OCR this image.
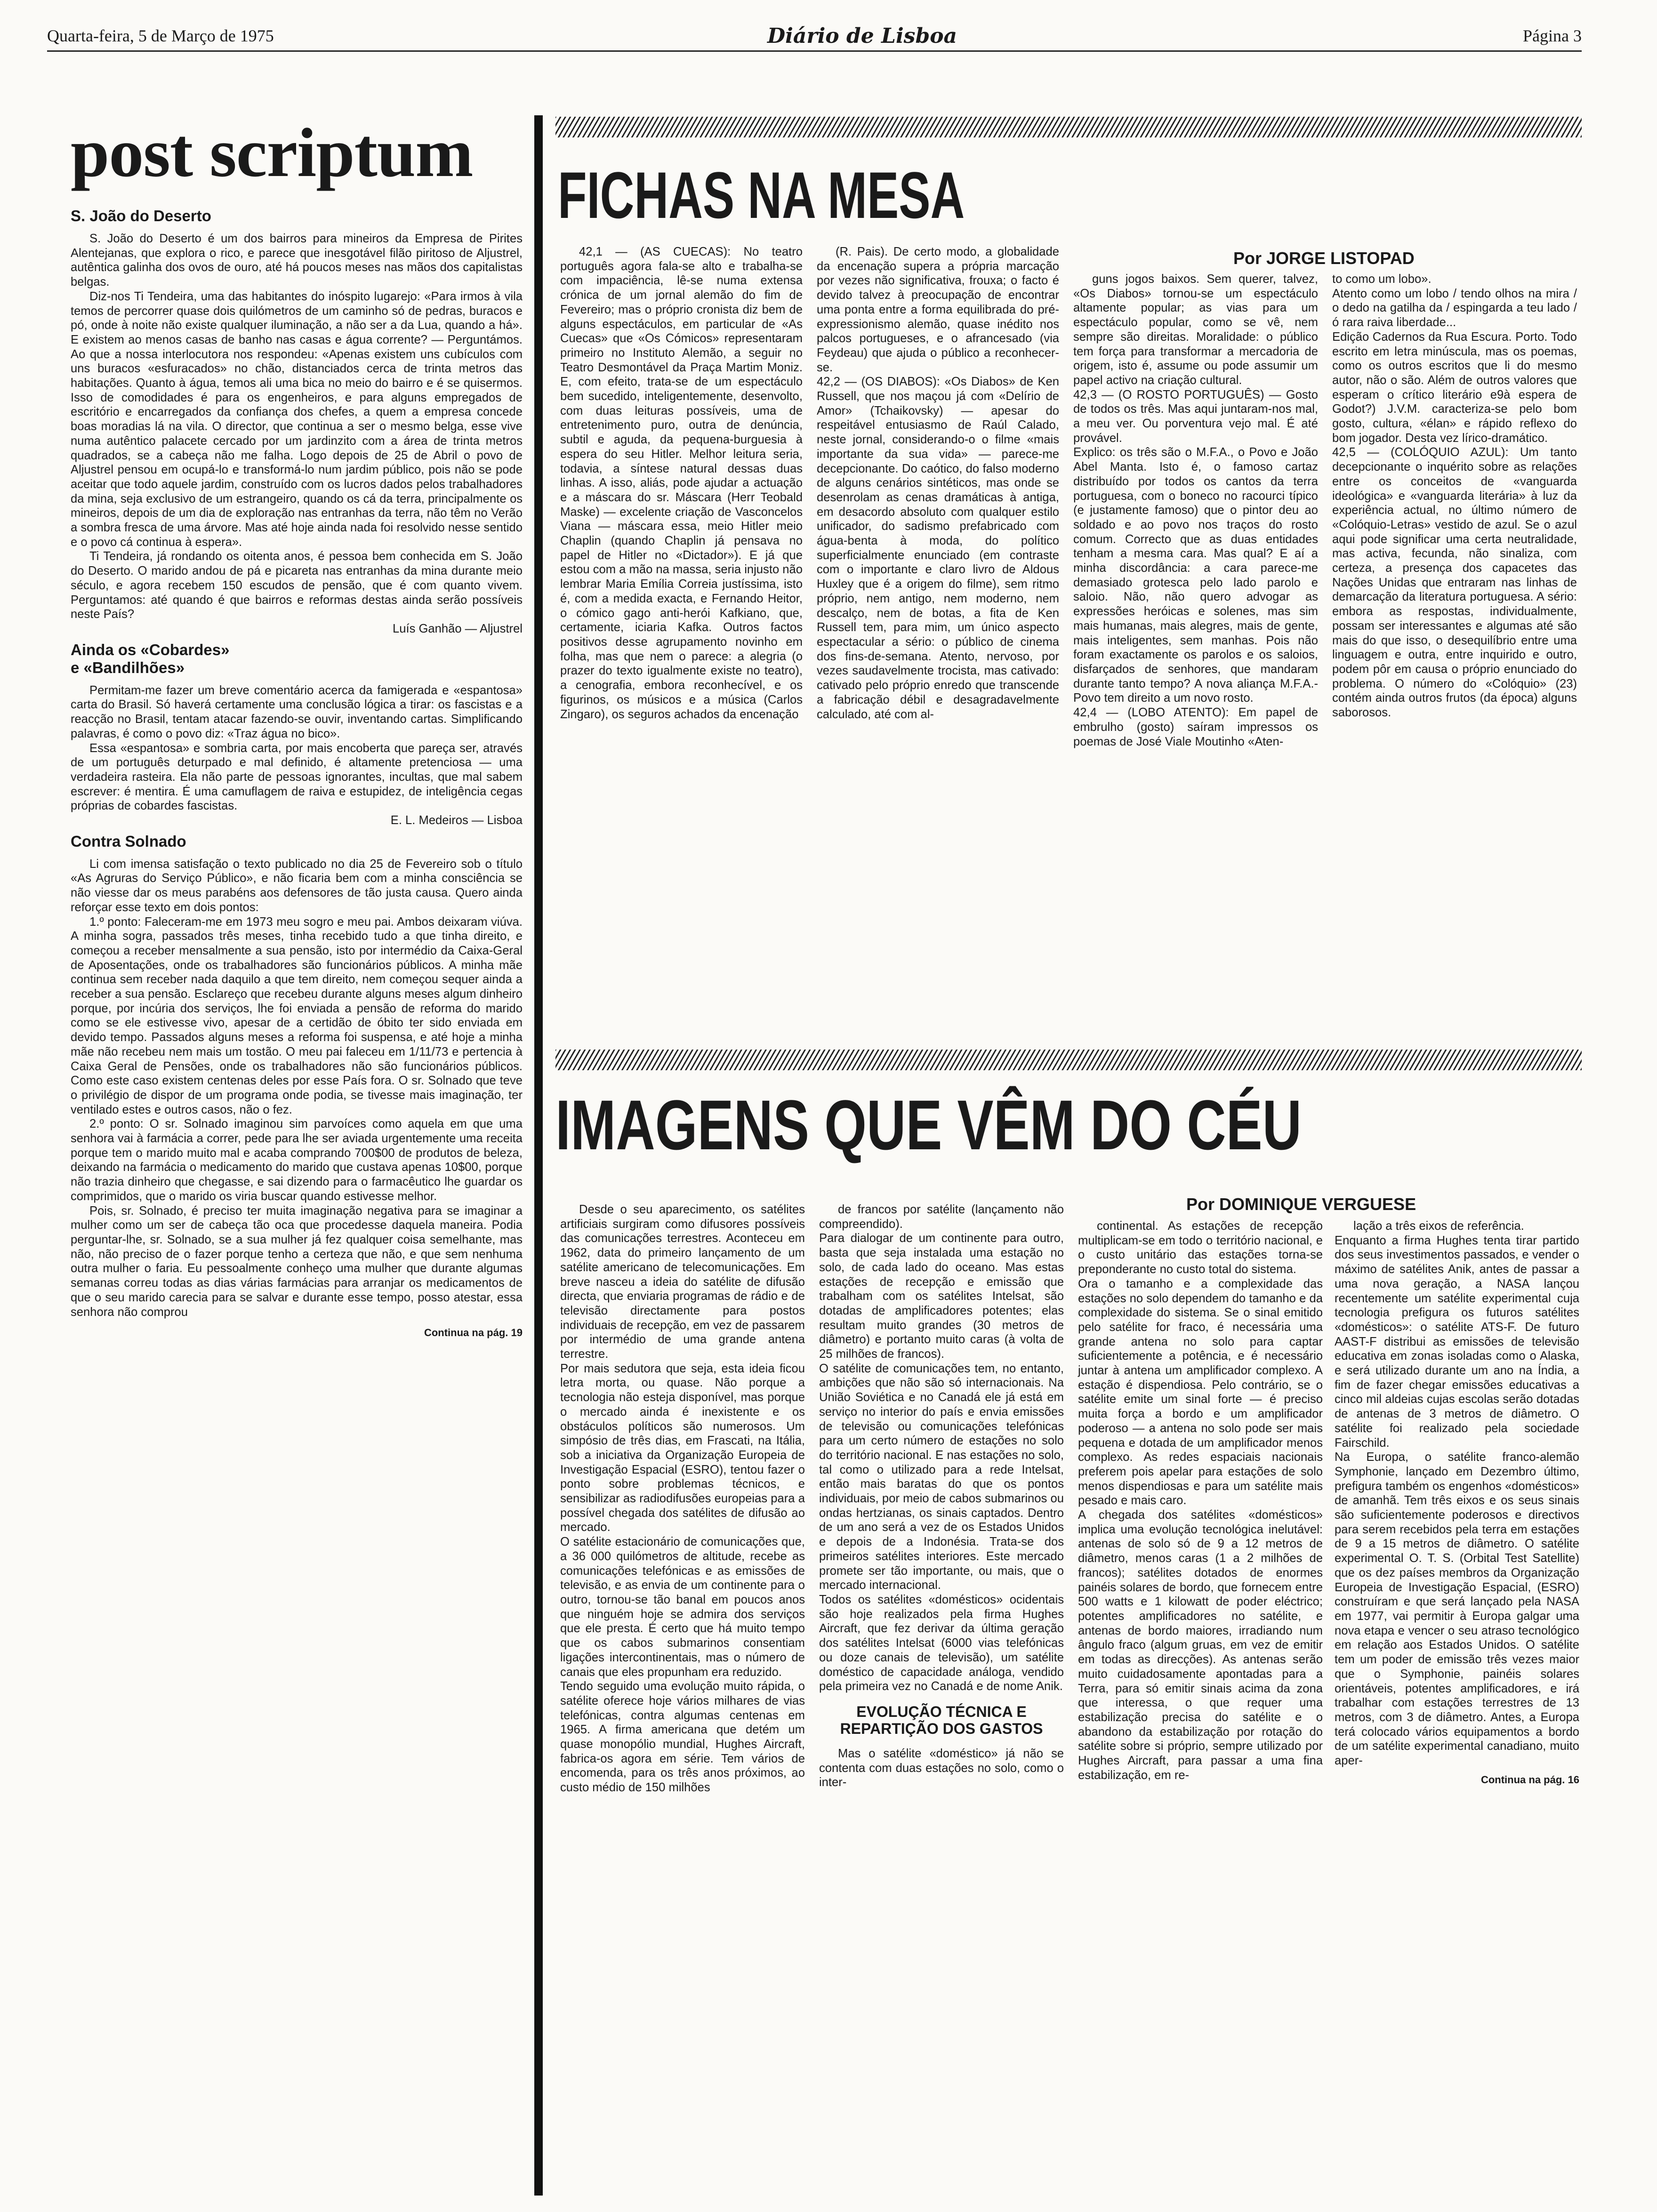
Quarta-feira, 5 de Março de 1975	Diário de Lisboa	Página 3
post scriptum
S. João do Deserto

S. João do Deserto é um dos bairros para mineiros da Empresa de Pirites Alentejanas, que explora o rico, e parece que inesgotável filão piritoso de Aljustrel, autêntica galinha dos ovos de ouro, até há poucos meses nas mãos dos capitalistas belgas.

Diz-nos Ti Tendeira, uma das habitantes do inóspito lugarejo: «Para irmos à vila temos de percorrer quase dois quilómetros de um caminho só de pedras, buracos e pó, onde à noite não existe qualquer iluminação, a não ser a da Lua, quando a há». E existem ao menos casas de banho nas casas e água corrente? — Perguntámos. Ao que a nossa interlocutora nos respondeu: «Apenas existem uns cubículos com uns buracos «esfuracados» no chão, distanciados cerca de trinta metros das habitações. Quanto à água, temos ali uma bica no meio do bairro e é se quisermos. Isso de comodidades é para os engenheiros, e para alguns empregados de escritório e encarregados da confiança dos chefes, a quem a empresa concede boas moradias lá na vila. O director, que continua a ser o mesmo belga, esse vive numa autêntico palacete cercado por um jardinzito com a área de trinta metros quadrados, se a cabeça não me falha. Logo depois de 25 de Abril o povo de Aljustrel pensou em ocupá-lo e transformá-lo num jardim público, pois não se pode aceitar que todo aquele jardim, construído com os lucros dados pelos trabalhadores da mina, seja exclusivo de um estrangeiro, quando os cá da terra, principalmente os mineiros, depois de um dia de exploração nas entranhas da terra, não têm no Verão a sombra fresca de uma árvore. Mas até hoje ainda nada foi resolvido nesse sentido e o povo cá continua à espera».

Ti Tendeira, já rondando os oitenta anos, é pessoa bem conhecida em S. João do Deserto. O marido andou de pá e picareta nas entranhas da mina durante meio século, e agora recebem 150 escudos de pensão, que é com quanto vivem. Perguntamos: até quando é que bairros e reformas destas ainda serão possíveis neste País?

Luís Ganhão — Aljustrel

Ainda os «Cobardes»
e «Bandilhões»

Permitam-me fazer um breve comentário acerca da famigerada e «espantosa» carta do Brasil. Só haverá certamente uma conclusão lógica a tirar: os fascistas e a reacção no Brasil, tentam atacar fazendo-se ouvir, inventando cartas. Simplificando palavras, é como o povo diz: «Traz água no bico».

Essa «espantosa» e sombria carta, por mais encoberta que pareça ser, através de um português deturpado e mal definido, é altamente pretenciosa — uma verdadeira rasteira. Ela não parte de pessoas ignorantes, incultas, que mal sabem escrever: é mentira. É uma camuflagem de raiva e estupidez, de inteligência cegas próprias de cobardes fascistas.

E. L. Medeiros — Lisboa

Contra Solnado

Li com imensa satisfação o texto publicado no dia 25 de Fevereiro sob o título «As Agruras do Serviço Público», e não ficaria bem com a minha consciência se não viesse dar os meus parabéns aos defensores de tão justa causa. Quero ainda reforçar esse texto em dois pontos:

1.º ponto: Faleceram-me em 1973 meu sogro e meu pai. Ambos deixaram viúva. A minha sogra, passados três meses, tinha recebido tudo a que tinha direito, e começou a receber mensalmente a sua pensão, isto por intermédio da Caixa-Geral de Aposentações, onde os trabalhadores são funcionários públicos. A minha mãe continua sem receber nada daquilo a que tem direito, nem começou sequer ainda a receber a sua pensão. Esclareço que recebeu durante alguns meses algum dinheiro porque, por incúria dos serviços, lhe foi enviada a pensão de reforma do marido como se ele estivesse vivo, apesar de a certidão de óbito ter sido enviada em devido tempo. Passados alguns meses a reforma foi suspensa, e até hoje a minha mãe não recebeu nem mais um tostão. O meu pai faleceu em 1/11/73 e pertencia à Caixa Geral de Pensões, onde os trabalhadores não são funcionários públicos. Como este caso existem centenas deles por esse País fora. O sr. Solnado que teve o privilégio de dispor de um programa onde podia, se tivesse mais imaginação, ter ventilado estes e outros casos, não o fez.

2.º ponto: O sr. Solnado imaginou sim parvoíces como aquela em que uma senhora vai à farmácia a correr, pede para lhe ser aviada urgentemente uma receita porque tem o marido muito mal e acaba comprando 700$00 de produtos de beleza, deixando na farmácia o medicamento do marido que custava apenas 10$00, porque não trazia dinheiro que chegasse, e sai dizendo para o farmacêutico lhe guardar os comprimidos, que o marido os viria buscar quando estivesse melhor.

Pois, sr. Solnado, é preciso ter muita imaginação negativa para se imaginar a mulher como um ser de cabeça tão oca que procedesse daquela maneira. Podia perguntar-lhe, sr. Solnado, se a sua mulher já fez qualquer coisa semelhante, mas não, não preciso de o fazer porque tenho a certeza que não, e que sem nenhuma outra mulher o faria. Eu pessoalmente conheço uma mulher que durante algumas semanas correu todas as dias várias farmácias para arranjar os medicamentos de que o seu marido carecia para se salvar e durante esse tempo, posso atestar, essa senhora não comprou

Continua na pág. 19
FICHAS NA MESA
Por JORGE LISTOPAD

42,1 — (AS CUECAS): No teatro português agora fala-se alto e trabalha-se com impaciência, lê-se numa extensa crónica de um jornal alemão do fim de Fevereiro; mas o próprio cronista diz bem de alguns espectáculos, em particular de «As Cuecas» que «Os Cómicos» representaram primeiro no Instituto Alemão, a seguir no Teatro Desmontável da Praça Martim Moniz. E, com efeito, trata-se de um espectáculo bem sucedido, inteligentemente, desenvolto, com duas leituras possíveis, uma de entretenimento puro, outra de denúncia, subtil e aguda, da pequena-burguesia à espera do seu Hitler. Melhor leitura seria, todavia, a síntese natural dessas duas linhas. A isso, aliás, pode ajudar a actuação e a máscara do sr. Máscara (Herr Teobald Maske) — excelente criação de Vasconcelos Viana — máscara essa, meio Hitler meio Chaplin (quando Chaplin já pensava no papel de Hitler no «Dictador»). E já que estou com a mão na massa, seria injusto não lembrar Maria Emília Correia justíssima, isto é, com a medida exacta, e Fernando Heitor, o cómico gago anti-herói Kafkiano, que, certamente, iciaria Kafka. Outros factos positivos desse agrupamento novinho em folha, mas que nem o parece: a alegria (o prazer do texto igualmente existe no teatro), a cenografia, embora reconhecível, e os figurinos, os músicos e a música (Carlos Zingaro), os seguros achados da encenação

(R. Pais). De certo modo, a globalidade da encenação supera a própria marcação por vezes não significativa, frouxa; o facto é devido talvez à preocupação de encontrar uma ponta entre a forma equilibrada do pré-expressionismo alemão, quase inédito nos palcos portugueses, e o afrancesado (via Feydeau) que ajuda o público a reconhecer-se.
42,2 — (OS DIABOS): «Os Diabos» de Ken Russell, que nos maçou já com «Delírio de Amor» (Tchaikovsky) — apesar do respeitável entusiasmo de Raúl Calado, neste jornal, considerando-o o filme «mais importante da sua vida» — parece-me decepcionante. Do caótico, do falso moderno de alguns cenários sintéticos, mas onde se desenrolam as cenas dramáticas à antiga, em desacordo absoluto com qualquer estilo unificador, do sadismo prefabricado com água-benta à moda, do político superficialmente enunciado (em contraste com o importante e claro livro de Aldous Huxley que é a origem do filme), sem ritmo próprio, nem antigo, nem moderno, nem descalço, nem de botas, a fita de Ken Russell tem, para mim, um único aspecto espectacular a sério: o público de cinema dos fins-de-semana. Atento, nervoso, por vezes saudavelmente trocista, mas cativado: cativado pelo próprio enredo que transcende a fabricação débil e desagradavelmente calculado, até com al-

guns jogos baixos. Sem querer, talvez, «Os Diabos» tornou-se um espectáculo altamente popular; as vias para um espectáculo popular, como se vê, nem sempre são direitas. Moralidade: o público tem força para transformar a mercadoria de origem, isto é, assume ou pode assumir um papel activo na criação cultural.
42,3 — (O ROSTO PORTUGUÊS) — Gosto de todos os três. Mas aqui juntaram-nos mal, a meu ver. Ou porventura vejo mal. É até provável.
Explico: os três são o M.F.A., o Povo e João Abel Manta. Isto é, o famoso cartaz distribuído por todos os cantos da terra portuguesa, com o boneco no racourci típico (e justamente famoso) que o pintor deu ao soldado e ao povo nos traços do rosto comum. Correcto que as duas entidades tenham a mesma cara. Mas qual? E aí a minha discordância: a cara parece-me demasiado grotesca pelo lado parolo e saloio. Não, não quero advogar as expressões heróicas e solenes, mas sim mais humanas, mais alegres, mais de gente, mais inteligentes, sem manhas. Pois não foram exactamente os parolos e os saloios, disfarçados de senhores, que mandaram durante tanto tempo? A nova aliança M.F.A.-Povo tem direito a um novo rosto.
42,4 — (LOBO ATENTO): Em papel de embrulho (gosto) saíram impressos os poemas de José Viale Moutinho «Aten-

to como um lobo».
Atento como um lobo / tendo olhos na mira / o dedo na gatilha da / espingarda a teu lado / ó rara raiva liberdade...
Edição Cadernos da Rua Escura. Porto. Todo escrito em letra minúscula, mas os poemas, como os outros escritos que li do mesmo autor, não o são. Além de outros valores que esperam o crítico literário e9à espera de Godot?) J.V.M. caracteriza-se pelo bom gosto, cultura, «élan» e rápido reflexo do bom jogador. Desta vez lírico-dramático.
42,5 — (COLÓQUIO AZUL): Um tanto decepcionante o inquérito sobre as relações entre os conceitos de «vanguarda ideológica» e «vanguarda literária» à luz da experiência actual, no último número de «Colóquio-Letras» vestido de azul. Se o azul aqui pode significar uma certa neutralidade, mas activa, fecunda, não sinaliza, com certeza, a presença dos capacetes das Nações Unidas que entraram nas linhas de demarcação da literatura portuguesa. A sério: embora as respostas, individualmente, possam ser interessantes e algumas até são mais do que isso, o desequilíbrio entre uma linguagem e outra, entre inquirido e outro, podem pôr em causa o próprio enunciado do problema. O número do «Colóquio» (23) contém ainda outros frutos (da época) alguns saborosos.

IMAGENS QUE VÊM DO CÉU
Por DOMINIQUE VERGUESE

Desde o seu aparecimento, os satélites artificiais surgiram como difusores possíveis das comunicações terrestres. Aconteceu em 1962, data do primeiro lançamento de um satélite americano de telecomunicações. Em breve nasceu a ideia do satélite de difusão directa, que enviaria programas de rádio e de televisão directamente para postos individuais de recepção, em vez de passarem por intermédio de uma grande antena terrestre.
Por mais sedutora que seja, esta ideia ficou letra morta, ou quase. Não porque a tecnologia não esteja disponível, mas porque o mercado ainda é inexistente e os obstáculos políticos são numerosos. Um simpósio de três dias, em Frascati, na Itália, sob a iniciativa da Organização Europeia de Investigação Espacial (ESRO), tentou fazer o ponto sobre problemas técnicos, e sensibilizar as radiodifusões europeias para a possível chegada dos satélites de difusão ao mercado.
O satélite estacionário de comunicações que, a 36 000 quilómetros de altitude, recebe as comunicações telefónicas e as emissões de televisão, e as envia de um continente para o outro, tornou-se tão banal em poucos anos que ninguém hoje se admira dos serviços que ele presta. É certo que há muito tempo que os cabos submarinos consentiam ligações intercontinentais, mas o número de canais que eles propunham era reduzido.
Tendo seguido uma evolução muito rápida, o satélite oferece hoje vários milhares de vias telefónicas, contra algumas centenas em 1965. A firma americana que detém um quase monopólio mundial, Hughes Aircraft, fabrica-os agora em série. Tem vários de encomenda, para os três anos próximos, ao custo médio de 150 milhões

de francos por satélite (lançamento não compreendido).
Para dialogar de um continente para outro, basta que seja instalada uma estação no solo, de cada lado do oceano. Mas estas estações de recepção e emissão que trabalham com os satélites Intelsat, são dotadas de amplificadores potentes; elas resultam muito grandes (30 metros de diâmetro) e portanto muito caras (à volta de 25 milhões de francos).
O satélite de comunicações tem, no entanto, ambições que não são só internacionais. Na União Soviética e no Canadá ele já está em serviço no interior do país e envia emissões de televisão ou comunicações telefónicas para um certo número de estações no solo do território nacional. E nas estações no solo, tal como o utilizado para a rede Intelsat, então mais baratas do que os pontos individuais, por meio de cabos submarinos ou ondas hertzianas, os sinais captados. Dentro de um ano será a vez de os Estados Unidos e depois de a Indonésia. Trata-se dos primeiros satélites interiores. Este mercado promete ser tão importante, ou mais, que o mercado internacional.
Todos os satélites «domésticos» ocidentais são hoje realizados pela firma Hughes Aircraft, que fez derivar da última geração dos satélites Intelsat (6000 vias telefónicas ou doze canais de televisão), um satélite doméstico de capacidade análoga, vendido pela primeira vez no Canadá e de nome Anik.

EVOLUÇÃO TÉCNICA E REPARTIÇÃO DOS GASTOS

Mas o satélite «doméstico» já não se contenta com duas estações no solo, como o inter-

continental. As estações de recepção multiplicam-se em todo o território nacional, e o custo unitário das estações torna-se preponderante no custo total do sistema.
Ora o tamanho e a complexidade das estações no solo dependem do tamanho e da complexidade do sistema. Se o sinal emitido pelo satélite for fraco, é necessária uma grande antena no solo para captar suficientemente a potência, e é necessário juntar à antena um amplificador complexo. A estação é dispendiosa. Pelo contrário, se o satélite emite um sinal forte — é preciso muita força a bordo e um amplificador poderoso — a antena no solo pode ser mais pequena e dotada de um amplificador menos complexo. As redes espaciais nacionais preferem pois apelar para estações de solo menos dispendiosas e para um satélite mais pesado e mais caro.
A chegada dos satélites «domésticos» implica uma evolução tecnológica inelutável: antenas de solo só de 9 a 12 metros de diâmetro, menos caras (1 a 2 milhões de francos); satélites dotados de enormes painéis solares de bordo, que fornecem entre 500 watts e 1 kilowatt de poder eléctrico; potentes amplificadores no satélite, e antenas de bordo maiores, irradiando num ângulo fraco (algum gruas, em vez de emitir em todas as direcções). As antenas serão muito cuidadosamente apontadas para a Terra, para só emitir sinais acima da zona que interessa, o que requer uma estabilização precisa do satélite e o abandono da estabilização por rotação do satélite sobre si próprio, sempre utilizado por Hughes Aircraft, para passar a uma fina estabilização, em re-

lação a três eixos de referência.
Enquanto a firma Hughes tenta tirar partido dos seus investimentos passados, e vender o máximo de satélites Anik, antes de passar a uma nova geração, a NASA lançou recentemente um satélite experimental cuja tecnologia prefigura os futuros satélites «domésticos»: o satélite ATS-F. De futuro AAST-F distribui as emissões de televisão educativa em zonas isoladas como o Alaska, e será utilizado durante um ano na Índia, a fim de fazer chegar emissões educativas a cinco mil aldeias cujas escolas serão dotadas de antenas de 3 metros de diâmetro. O satélite foi realizado pela sociedade Fairschild.
Na Europa, o satélite franco-alemão Symphonie, lançado em Dezembro último, prefigura também os engenhos «domésticos» de amanhã. Tem três eixos e os seus sinais são suficientemente poderosos e directivos para serem recebidos pela terra em estações de 9 a 15 metros de diâmetro. O satélite experimental O. T. S. (Orbital Test Satellite) que os dez países membros da Organização Europeia de Investigação Espacial, (ESRO) construíram e que será lançado pela NASA em 1977, vai permitir à Europa galgar uma nova etapa e vencer o seu atraso tecnológico em relação aos Estados Unidos. O satélite tem um poder de emissão três vezes maior que o Symphonie, painéis solares orientáveis, potentes amplificadores, e irá trabalhar com estações terrestres de 13 metros, com 3 de diâmetro. Antes, a Europa terá colocado vários equipamentos a bordo de um satélite experimental canadiano, muito aper-

Continua na pág. 16
